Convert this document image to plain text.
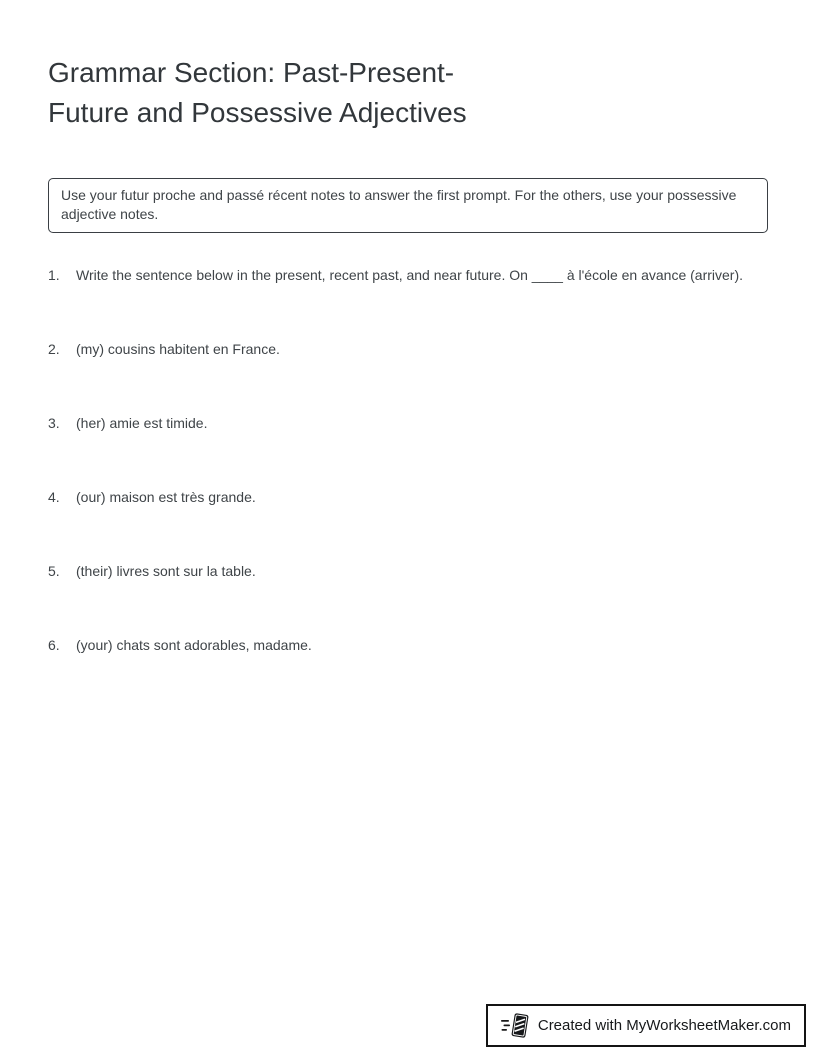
Grammar Section: Past-Present-
Future and Possessive Adjectives
Use your futur proche and passé récent notes to answer the first prompt. For the others, use your possessive adjective notes.
1.	Write the sentence below in the present, recent past, and near future. On ____ à l'école en avance (arriver).
2.	(my) cousins habitent en France.
3.	(her) amie est timide.
4.	(our) maison est très grande.
5.	(their) livres sont sur la table.
6.	(your) chats sont adorables, madame.
Created with MyWorksheetMaker.com
